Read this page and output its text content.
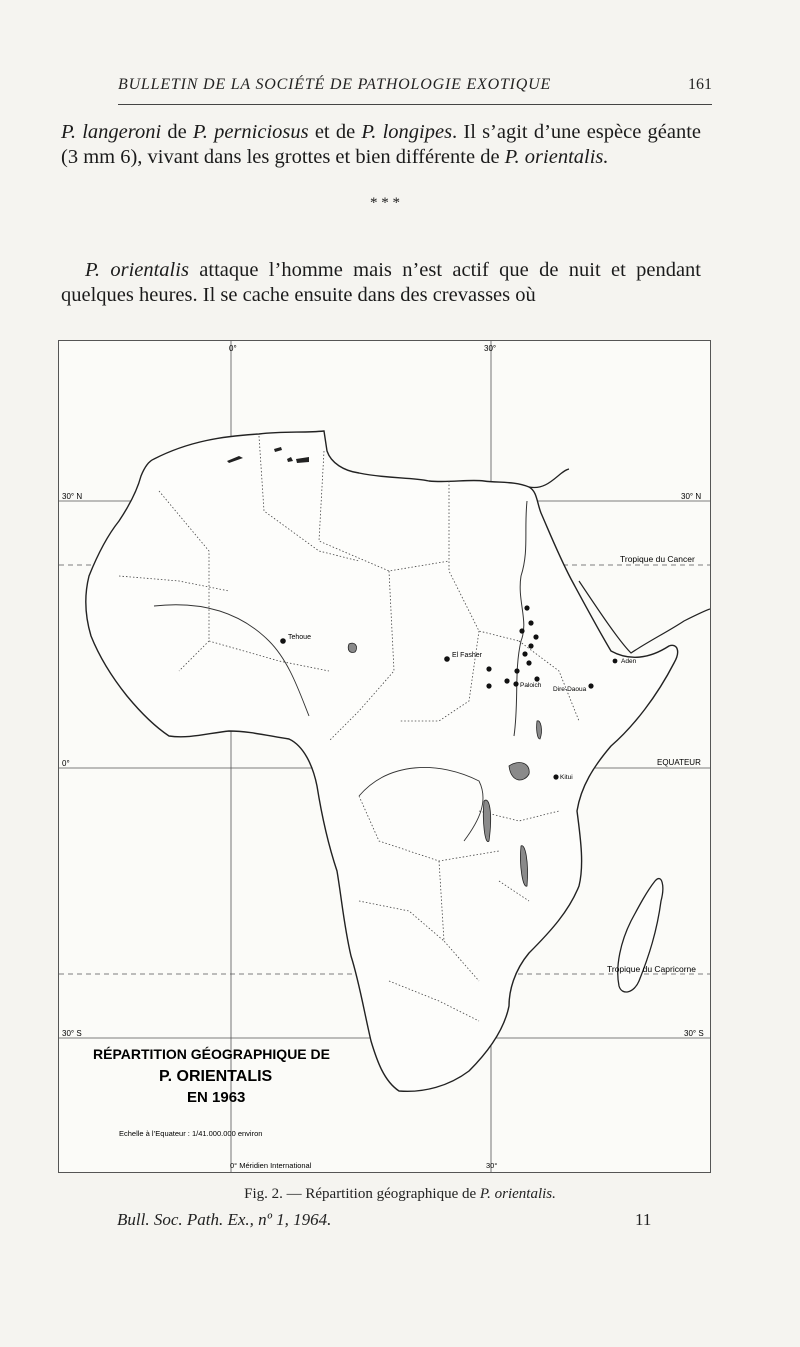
BULLETIN DE LA SOCIÉTÉ DE PATHOLOGIE EXOTIQUE	161
P. langeroni de P. perniciosus et de P. longipes. Il s’agit d’une espèce géante (3 mm 6), vivant dans les grottes et bien différente de P. orientalis.
* * *
P. orientalis attaque l’homme mais n’est actif que de nuit et pendant quelques heures. Il se cache ensuite dans des crevasses où
0°	30°
30° N	30° N
Tropique du Cancer
0°	EQUATEUR
Tropique du Capricorne
30° S	30° S
0° Méridien International	30°
Tehoue
El Fasher
Aden
Paloich
Dire-Daoua
Kitui
RÉPARTITION GÉOGRAPHIQUE DE
P. ORIENTALIS
EN 1963
Echelle à l’Equateur : 1/41.000.000 environ
Fig. 2. — Répartition géographique de P. orientalis.
Bull. Soc. Path. Ex., nº 1, 1964.	11
